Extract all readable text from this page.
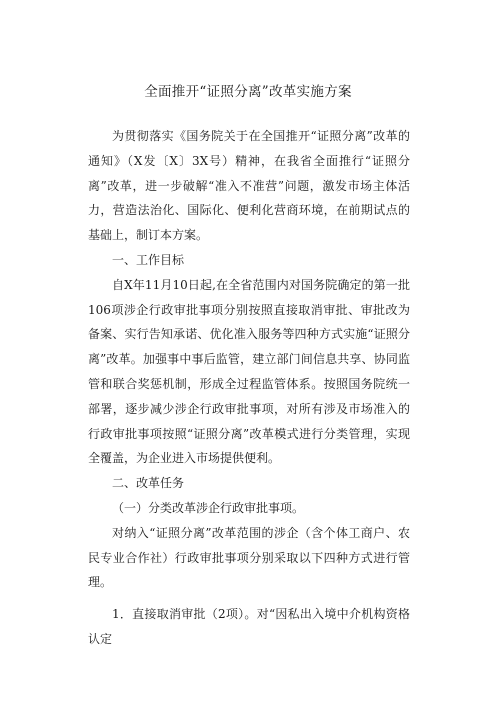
全面推开“证照分离”改革实施方案

为贯彻落实《国务院关于在全国推开“证照分离”改革的通知》（X发〔X〕3X号）精神，在我省全面推行“证照分离”改革，进一步破解“准入不准营”问题，激发市场主体活力，营造法治化、国际化、便利化营商环境，在前期试点的基础上，制订本方案。

一、工作目标

自X年11月10日起,在全省范围内对国务院确定的第一批106项涉企行政审批事项分别按照直接取消审批、审批改为备案、实行告知承诺、优化准入服务等四种方式实施“证照分离”改革。加强事中事后监管，建立部门间信息共享、协同监管和联合奖惩机制，形成全过程监管体系。按照国务院统一部署，逐步减少涉企行政审批事项，对所有涉及市场准入的行政审批事项按照“证照分离”改革模式进行分类管理，实现全覆盖，为企业进入市场提供便利。

二、改革任务

（一）分类改革涉企行政审批事项。

对纳入“证照分离”改革范围的涉企（含个体工商户、农民专业合作社）行政审批事项分别采取以下四种方式进行管理。

1．直接取消审批（2项）。对“因私出入境中介机构资格认定
